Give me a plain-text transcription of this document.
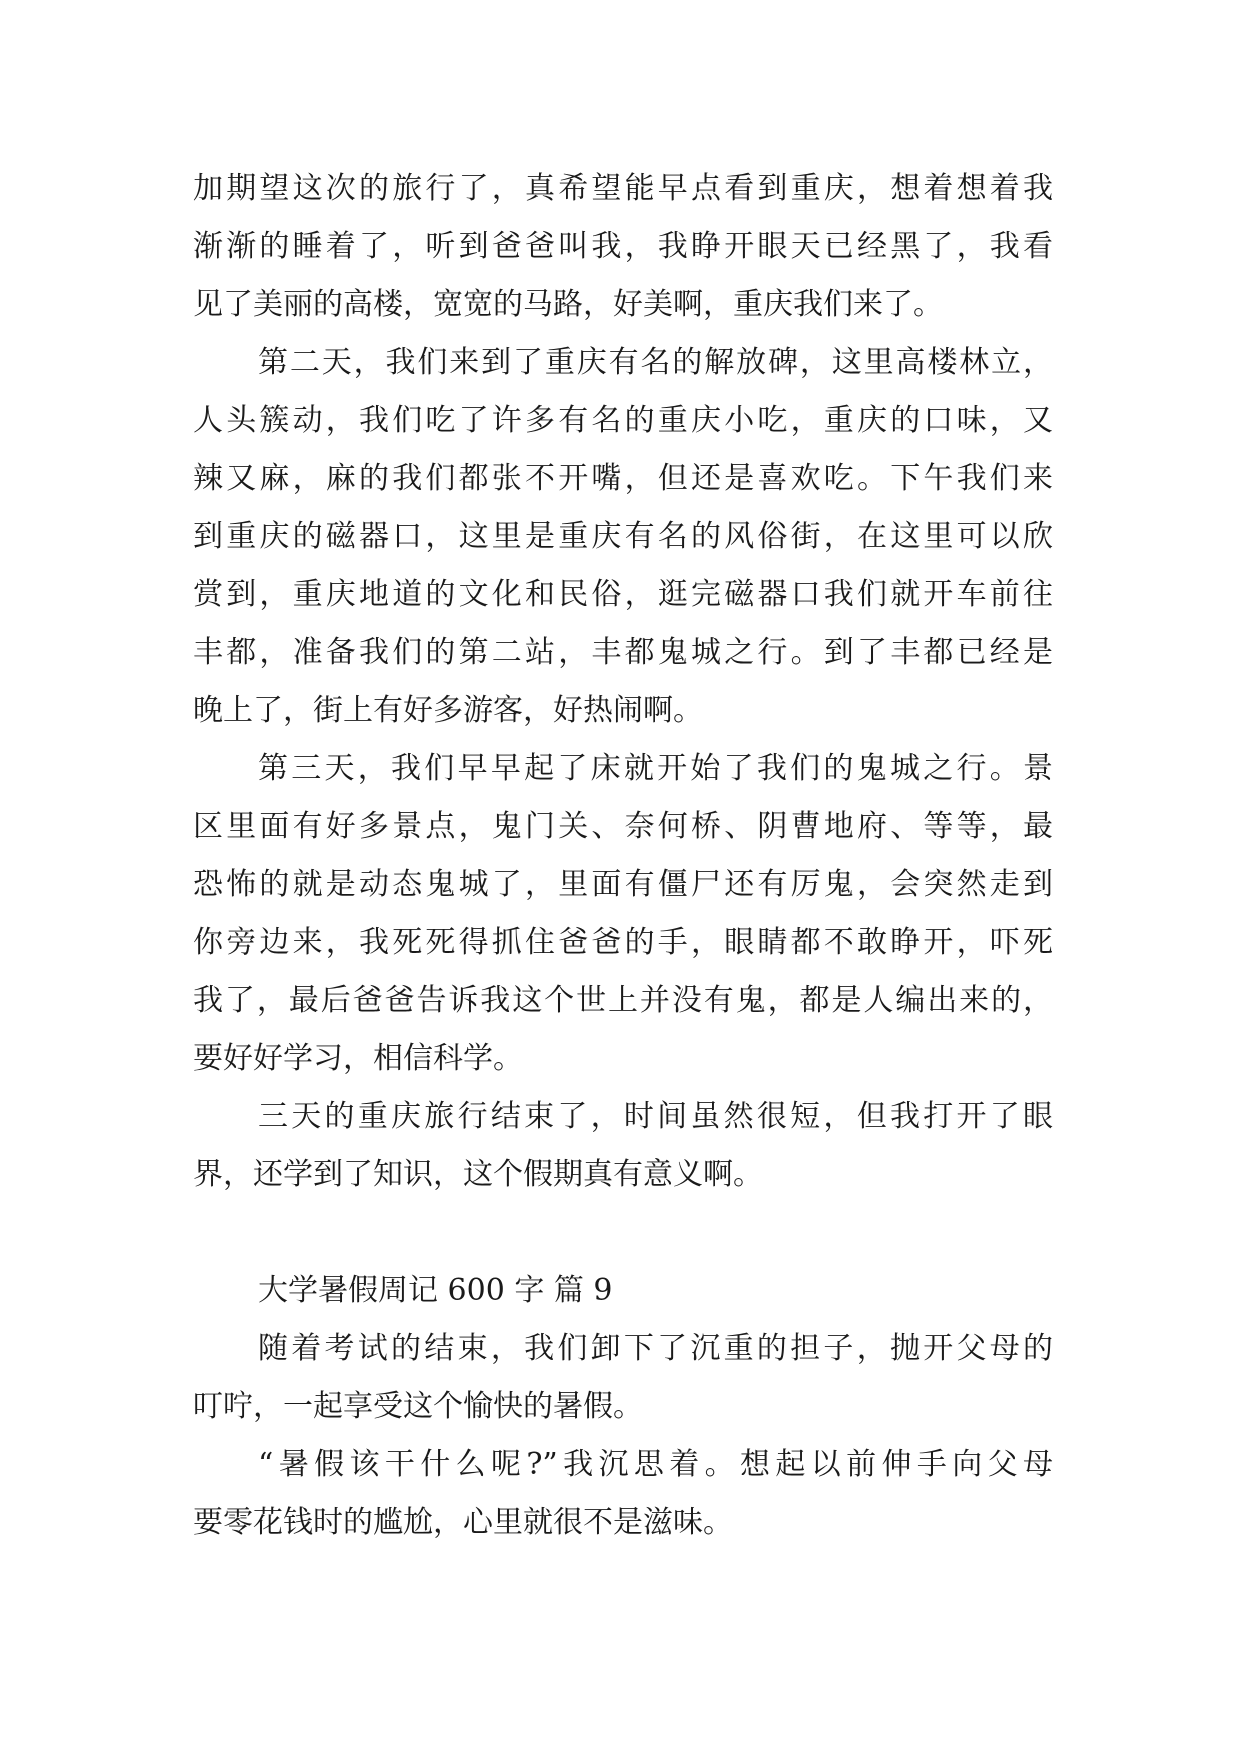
加期望这次的旅行了，真希望能早点看到重庆，想着想着我
渐渐的睡着了，听到爸爸叫我，我睁开眼天已经黑了，我看
见了美丽的高楼，宽宽的马路，好美啊，重庆我们来了。
第二天，我们来到了重庆有名的解放碑，这里高楼林立，
人头簇动，我们吃了许多有名的重庆小吃，重庆的口味，又
辣又麻，麻的我们都张不开嘴，但还是喜欢吃。下午我们来
到重庆的磁器口，这里是重庆有名的风俗街，在这里可以欣
赏到，重庆地道的文化和民俗，逛完磁器口我们就开车前往
丰都，准备我们的第二站，丰都鬼城之行。到了丰都已经是
晚上了，街上有好多游客，好热闹啊。
第三天，我们早早起了床就开始了我们的鬼城之行。景
区里面有好多景点，鬼门关、奈何桥、阴曹地府、等等，最
恐怖的就是动态鬼城了，里面有僵尸还有厉鬼，会突然走到
你旁边来，我死死得抓住爸爸的手，眼睛都不敢睁开，吓死
我了，最后爸爸告诉我这个世上并没有鬼，都是人编出来的，
要好好学习，相信科学。
三天的重庆旅行结束了，时间虽然很短，但我打开了眼
界，还学到了知识，这个假期真有意义啊。
大学暑假周记 600 字 篇 9
随着考试的结束，我们卸下了沉重的担子，抛开父母的
叮咛，一起享受这个愉快的暑假。
“暑假该干什么呢?”我沉思着。想起以前伸手向父母
要零花钱时的尴尬，心里就很不是滋味。
